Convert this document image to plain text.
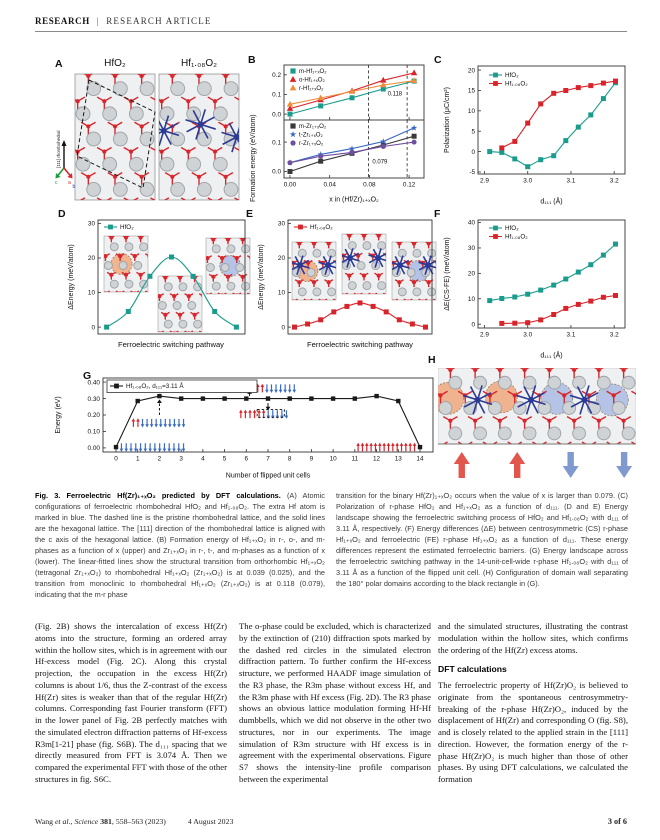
RESEARCH | RESEARCH ARTICLE
A	HfO₂	Hf₁.₀₈O₂
c a
b
[111] rhombohedral
B
Formation energy (eV/atom) 0.0
0.1
0.2
0.118
m-Hf₁₊ₓO₂
o-Hf₁₊ₓO₂
r-Hf₁₊ₓO₂
0.00	0.04	0.08	0.12
0.0
0.1
x in (Hf/Zr)₁₊ₓO₂
0.079
m-Zr₁₊ₓO₂
t-Zr₁₊ₓO₂
r-Zr₁₊ₓO₂
C
2.9	3.0	3.1	3.2
-5
0
5
10
15
20
d₁₁₁ (Å)
Polarization (μC/cm²)
HfO₂
Hf₁.₀₈O₂
D
0
10
20
30
ΔEnergy (meV/atom)
HfO₂
Ferroelectric switching pathway
E
0
10
20
30
ΔEnergy (meV/atom)
Hf₁.₀₈O₂
Ferroelectric switching pathway
F
2.9	3.0	3.1	3.2
0
10
20
30
40
d₁₁₁ (Å)
ΔE(CS-FE) (meV/atom)
HfO₂
Hf₁.₀₈O₂
G
0	1	2	3	4	5	6	7	8	9	10 11 12 13 14
0.00
0.10
0.20
0.30
0.40
Number of flipped unit cells
Energy (eV)
Hf₁.₀₈O₂, d₁₁₁=3.11 Å
H
Fig. 3. Ferroelectric Hf(Zr)₁₊ₓO₂ predicted by DFT calculations. (A) Atomic configurations of ferroelectric rhombohedral HfO₂ and Hf₁.₀₈O₂. The extra Hf atom is marked in blue. The dashed line is the pristine rhombohedral lattice, and the solid lines are the hexagonal lattice. The [111] direction of the rhombohedral lattice is aligned with the c axis of the hexagonal lattice. (B) Formation energy of Hf₁₊ₓO₂ in r-, o-, and m-phases as a function of x (upper) and Zr₁₊ₓO₂ in r-, t-, and m-phases as a function of x (lower). The linear-fitted lines show the structural transition from orthorhombic Hf₁₊ₓO₂ (tetragonal Zr₁₊ₓO₂) to rhombohedral Hf₁₊ₓO₂ (Zr₁₊ₓO₂) is at 0.039 (0.025), and the transition from monoclinic to rhombohedral Hf₁₊ₓO₂ (Zr₁₊ₓO₂) is at 0.118 (0.079), indicating that the m-r phase
transition for the binary Hf(Zr)₁₊ₓO₂ occurs when the value of x is larger than 0.079. (C) Polarization of r-phase HfO₂ and Hf₁₊ₓO₂ as a function of d₁₁₁. (D and E) Energy landscape showing the ferroelectric switching process of HfO₂ and Hf₁.₀₈O₂ with d₁₁₁ of 3.11 Å, respectively. (F) Energy differences (ΔE) between centrosymmetric (CS) r-phase Hf₁₊ₓO₂ and ferroelectric (FE) r-phase Hf₁₊ₓO₂ as a function of d₁₁₁. These energy differences represent the estimated ferroelectric barriers. (G) Energy landscape across the ferroelectric switching pathway in the 14-unit-cell-wide r-phase Hf₁.₀₈O₂ with d₁₁₁ of 3.11 Å as a function of the flipped unit cell. (H) Configuration of domain wall separating the 180° polar domains according to the black rectangle in (G).
(Fig. 2B) shows the intercalation of excess Hf(Zr) atoms into the structure, forming an ordered array within the hollow sites, which is in agreement with our Hf-excess model (Fig. 2C). Along this crystal projection, the occupation in the excess Hf(Zr) columns is about 1/6, thus the Z-contrast of the excess Hf(Zr) sites is weaker than that of the regular Hf(Zr) columns. Corresponding fast Fourier transform (FFT) in the lower panel of Fig. 2B perfectly matches with the simulated electron diffraction patterns of Hf-excess R3m[1-21] phase (fig. S6B). The d₁₁₁ spacing that we directly measured from FFT is 3.074 Å. Then we compared the experimental FFT with those of the other structures in fig. S6C.
The o-phase could be excluded, which is characterized by the extinction of (210) diffraction spots marked by the dashed red circles in the simulated electron diffraction pattern. To further confirm the Hf-excess structure, we performed HAADF image simulation of the R3 phase, the R3m phase without excess Hf, and the R3m phase with Hf excess (Fig. 2D). The R3 phase shows an obvious lattice modulation forming Hf-Hf dumbbells, which we did not observe in the other two structures, nor in our experiments. The image simulation of R3m structure with Hf excess is in agreement with the experimental observations. Figure S7 shows the intensity-line profile comparison between the experimental
and the simulated structures, illustrating the contrast modulation within the hollow sites, which confirms the ordering of the Hf(Zr) excess atoms.
DFT calculations
The ferroelectric property of Hf(Zr)O₂ is believed to originate from the spontaneous centrosymmetry-breaking of the r-phase Hf(Zr)O₂, induced by the displacement of Hf(Zr) and corresponding O (fig. S8), and is closely related to the applied strain in the [111] direction. However, the formation energy of the r-phase Hf(Zr)O₂ is much higher than those of other phases. By using DFT calculations, we calculated the formation
Wang et al., Science 381, 558–563 (2023)	4 August 2023	3 of 6
